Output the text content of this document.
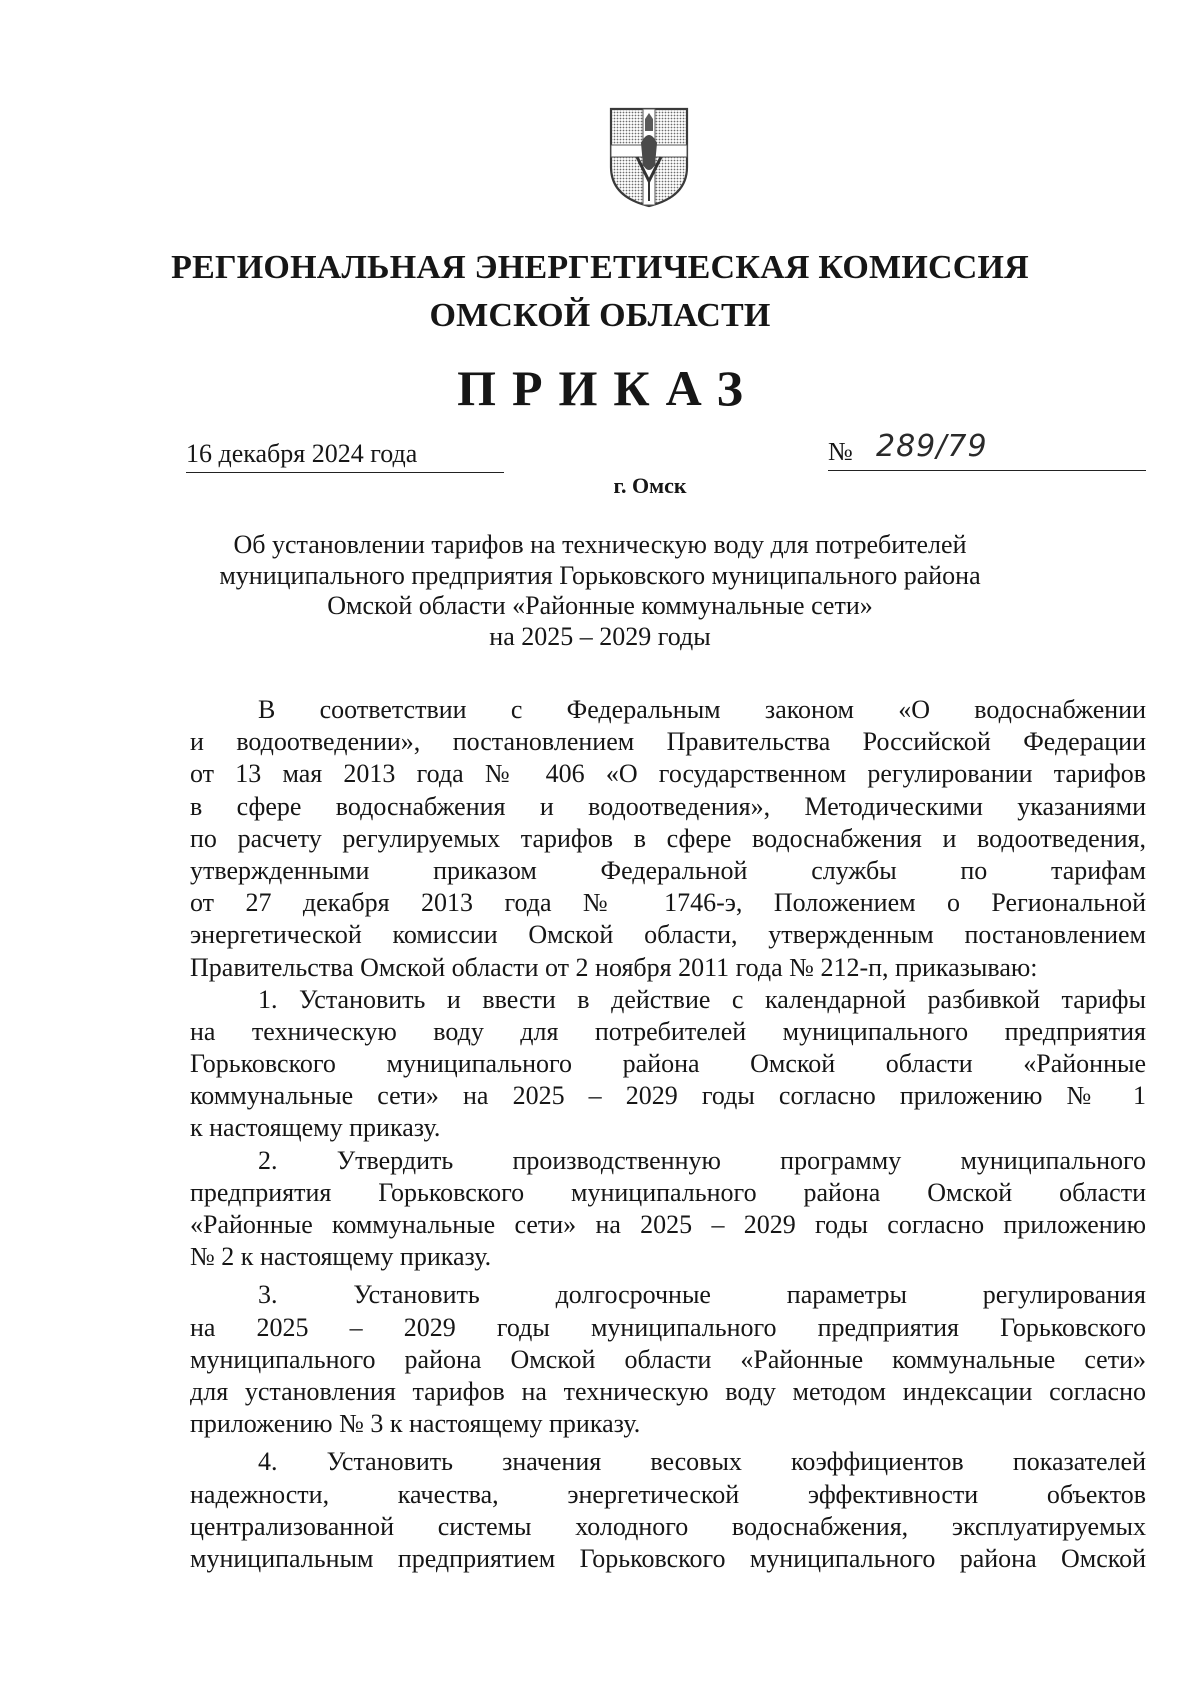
РЕГИОНАЛЬНАЯ ЭНЕРГЕТИЧЕСКАЯ КОМИССИЯ
ОМСКОЙ ОБЛАСТИ
ПРИКАЗ
16 декабря 2024 года	№ 289/79
г. Омск
Об установлении тарифов на техническую воду для потребителей
муниципального предприятия Горьковского муниципального района
Омской области «Районные коммунальные сети»
на 2025 – 2029 годы
В соответствии с Федеральным законом «О водоснабжении
и водоотведении», постановлением Правительства Российской Федерации
от 13 мая 2013 года № 406 «О государственном регулировании тарифов
в сфере водоснабжения и водоотведения», Методическими указаниями
по расчету регулируемых тарифов в сфере водоснабжения и водоотведения,
утвержденными приказом Федеральной службы по тарифам
от 27 декабря 2013 года № 1746-э, Положением о Региональной
энергетической комиссии Омской области, утвержденным постановлением
Правительства Омской области от 2 ноября 2011 года № 212-п, приказываю:
1. Установить и ввести в действие с календарной разбивкой тарифы
на техническую воду для потребителей муниципального предприятия
Горьковского муниципального района Омской области «Районные
коммунальные сети» на 2025 – 2029 годы согласно приложению № 1
к настоящему приказу.
2. Утвердить производственную программу муниципального
предприятия Горьковского муниципального района Омской области
«Районные коммунальные сети» на 2025 – 2029 годы согласно приложению
№ 2 к настоящему приказу.
3. Установить долгосрочные параметры регулирования
на 2025 – 2029 годы муниципального предприятия Горьковского
муниципального района Омской области «Районные коммунальные сети»
для установления тарифов на техническую воду методом индексации согласно
приложению № 3 к настоящему приказу.
4. Установить значения весовых коэффициентов показателей
надежности, качества, энергетической эффективности объектов
централизованной системы холодного водоснабжения, эксплуатируемых
муниципальным предприятием Горьковского муниципального района Омской
